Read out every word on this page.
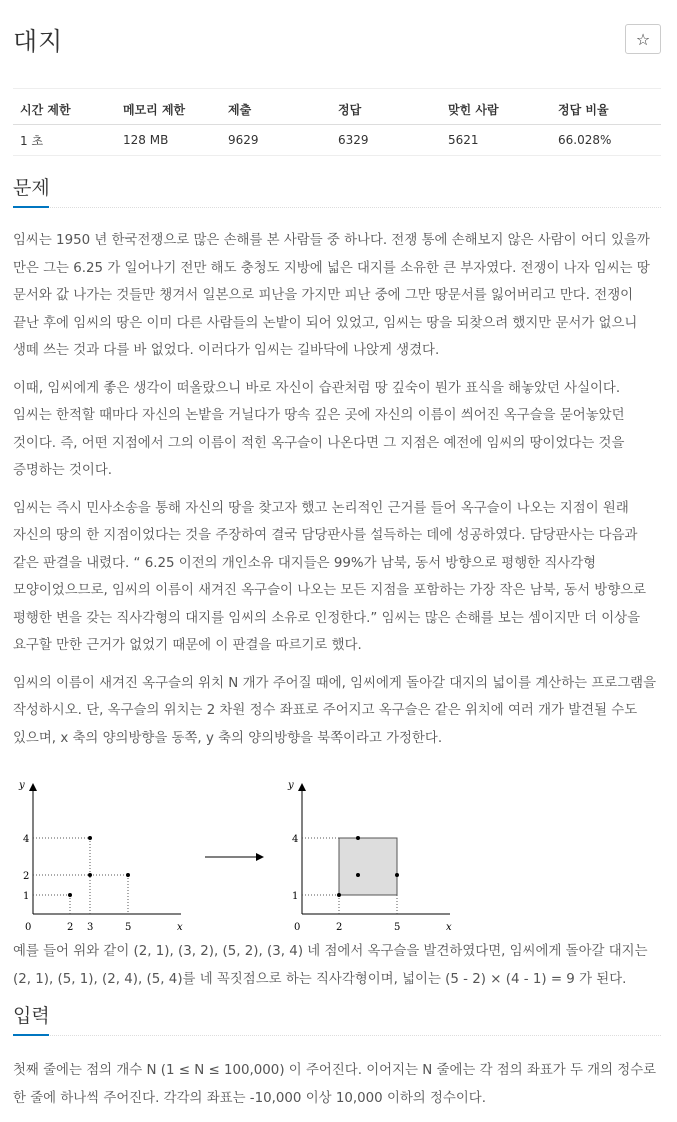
대지	☆
시간 제한	메모리 제한	제출	정답	맞힌 사람	정답 비율
1 초	128 MB	9629	6329	5621	66.028%
문제

임씨는 1950 년 한국전쟁으로 많은 손해를 본 사람들 중 하나다. 전쟁 통에 손해보지 않은 사람이 어디 있을까 만은 그는 6.25 가 일어나기 전만 해도 충청도 지방에 넓은 대지를 소유한 큰 부자였다. 전쟁이 나자 임씨는 땅 문서와 값 나가는 것들만 챙겨서 일본으로 피난을 가지만 피난 중에 그만 땅문서를 잃어버리고 만다. 전쟁이 끝난 후에 임씨의 땅은 이미 다른 사람들의 논밭이 되어 있었고, 임씨는 땅을 되찾으려 했지만 문서가 없으니 생떼 쓰는 것과 다를 바 없었다. 이러다가 임씨는 길바닥에 나앉게 생겼다.

이때, 임씨에게 좋은 생각이 떠올랐으니 바로 자신이 습관처럼 땅 깊숙이 뭔가 표식을 해놓았던 사실이다. 임씨는 한적할 때마다 자신의 논밭을 거닐다가 땅속 깊은 곳에 자신의 이름이 씌어진 옥구슬을 묻어놓았던 것이다. 즉, 어떤 지점에서 그의 이름이 적힌 옥구슬이 나온다면 그 지점은 예전에 임씨의 땅이었다는 것을 증명하는 것이다.

임씨는 즉시 민사소송을 통해 자신의 땅을 찾고자 했고 논리적인 근거를 들어 옥구슬이 나오는 지점이 원래 자신의 땅의 한 지점이었다는 것을 주장하여 결국 담당판사를 설득하는 데에 성공하였다. 담당판사는 다음과 같은 판결을 내렸다. “ 6.25 이전의 개인소유 대지들은 99%가 남북, 동서 방향으로 평행한 직사각형 모양이었으므로, 임씨의 이름이 새겨진 옥구슬이 나오는 모든 지점을 포함하는 가장 작은 남북, 동서 방향으로 평행한 변을 갖는 직사각형의 대지를 임씨의 소유로 인정한다.” 임씨는 많은 손해를 보는 셈이지만 더 이상을 요구할 만한 근거가 없었기 때문에 이 판결을 따르기로 했다.

임씨의 이름이 새겨진 옥구슬의 위치 N 개가 주어질 때에, 임씨에게 돌아갈 대지의 넓이를 계산하는 프로그램을 작성하시오. 단, 옥구슬의 위치는 2 차원 정수 좌표로 주어지고 옥구슬은 같은 위치에 여러 개가 발견될 수도 있으며, x 축의 양의방향을 동쪽, y 축의 양의방향을 북쪽이라고 가정한다.

y
x
4
2
1
0	2 3	5
y
x
4
1
0	2	5

예를 들어 위와 같이 (2, 1), (3, 2), (5, 2), (3, 4) 네 점에서 옥구슬을 발견하였다면, 임씨에게 돌아갈 대지는 (2, 1), (5, 1), (2, 4), (5, 4)를 네 꼭짓점으로 하는 직사각형이며, 넓이는 (5 - 2) × (4 - 1) = 9 가 된다.

입력

첫째 줄에는 점의 개수 N (1 ≤ N ≤ 100,000) 이 주어진다. 이어지는 N 줄에는 각 점의 좌표가 두 개의 정수로 한 줄에 하나씩 주어진다. 각각의 좌표는 -10,000 이상 10,000 이하의 정수이다.
